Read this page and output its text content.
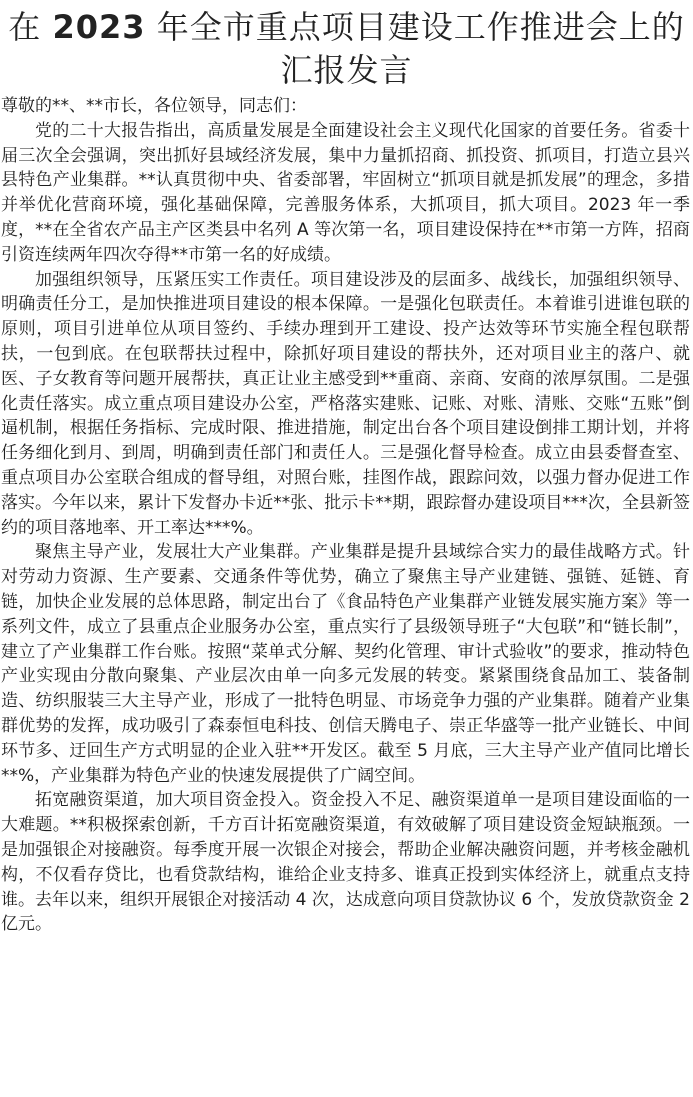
在 2023 年全市重点项目建设工作推进会上的汇报发言

尊敬的**、**市长，各位领导，同志们：

党的二十大报告指出，高质量发展是全面建设社会主义现代化国家的首要任务。省委十届三次全会强调，突出抓好县域经济发展，集中力量抓招商、抓投资、抓项目，打造立县兴县特色产业集群。**认真贯彻中央、省委部署，牢固树立“抓项目就是抓发展”的理念，多措并举优化营商环境，强化基础保障，完善服务体系，大抓项目，抓大项目。2023 年一季度，**在全省农产品主产区类县中名列 A 等次第一名，项目建设保持在**市第一方阵，招商引资连续两年四次夺得**市第一名的好成绩。

加强组织领导，压紧压实工作责任。项目建设涉及的层面多、战线长，加强组织领导、明确责任分工，是加快推进项目建设的根本保障。一是强化包联责任。本着谁引进谁包联的原则，项目引进单位从项目签约、手续办理到开工建设、投产达效等环节实施全程包联帮扶，一包到底。在包联帮扶过程中，除抓好项目建设的帮扶外，还对项目业主的落户、就医、子女教育等问题开展帮扶，真正让业主感受到**重商、亲商、安商的浓厚氛围。二是强化责任落实。成立重点项目建设办公室，严格落实建账、记账、对账、清账、交账“五账”倒逼机制，根据任务指标、完成时限、推进措施，制定出台各个项目建设倒排工期计划，并将任务细化到月、到周，明确到责任部门和责任人。三是强化督导检查。成立由县委督查室、重点项目办公室联合组成的督导组，对照台账，挂图作战，跟踪问效，以强力督办促进工作落实。今年以来，累计下发督办卡近**张、批示卡**期，跟踪督办建设项目***次，全县新签约的项目落地率、开工率达***%。

聚焦主导产业，发展壮大产业集群。产业集群是提升县域综合实力的最佳战略方式。针对劳动力资源、生产要素、交通条件等优势，确立了聚焦主导产业建链、强链、延链、育链，加快企业发展的总体思路，制定出台了《食品特色产业集群产业链发展实施方案》等一系列文件，成立了县重点企业服务办公室，重点实行了县级领导班子“大包联”和“链长制”，建立了产业集群工作台账。按照“菜单式分解、契约化管理、审计式验收”的要求，推动特色产业实现由分散向聚集、产业层次由单一向多元发展的转变。紧紧围绕食品加工、装备制造、纺织服装三大主导产业，形成了一批特色明显、市场竞争力强的产业集群。随着产业集群优势的发挥，成功吸引了森泰恒电科技、创信天腾电子、崇正华盛等一批产业链长、中间环节多、迂回生产方式明显的企业入驻**开发区。截至 5 月底，三大主导产业产值同比增长**%，产业集群为特色产业的快速发展提供了广阔空间。

拓宽融资渠道，加大项目资金投入。资金投入不足、融资渠道单一是项目建设面临的一大难题。**积极探索创新，千方百计拓宽融资渠道，有效破解了项目建设资金短缺瓶颈。一是加强银企对接融资。每季度开展一次银企对接会，帮助企业解决融资问题，并考核金融机构，不仅看存贷比，也看贷款结构，谁给企业支持多、谁真正投到实体经济上，就重点支持谁。去年以来，组织开展银企对接活动 4 次，达成意向项目贷款协议 6 个，发放贷款资金 2 亿元。
